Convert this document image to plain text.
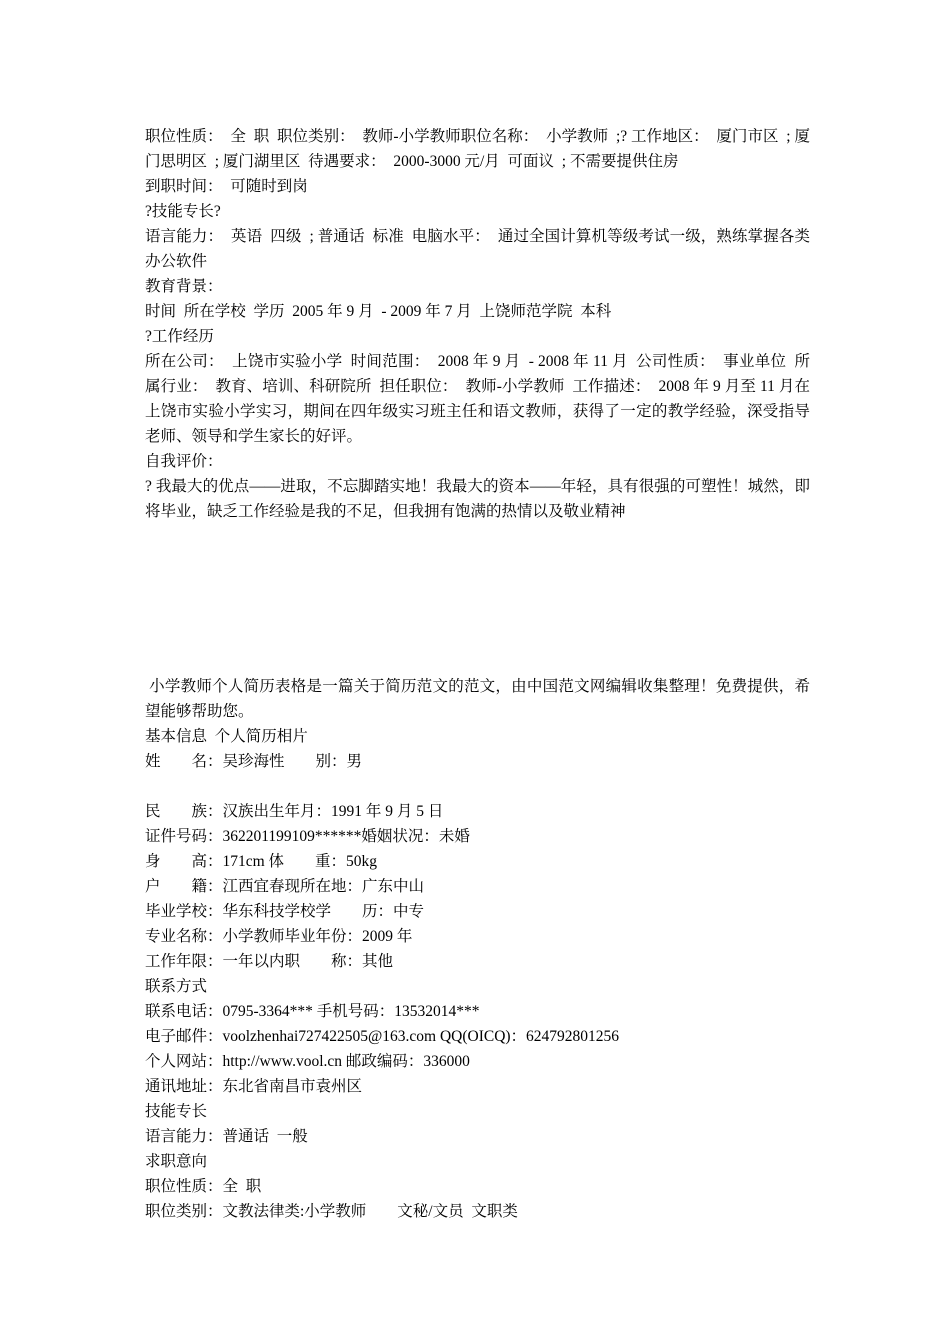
职位性质：  全  职  职位类别：  教师-小学教师职位名称：  小学教师  ;? 工作地区：  厦门市区  ; 厦门思明区  ; 厦门湖里区  待遇要求：  2000-3000 元/月  可面议  ; 不需要提供住房

到职时间：  可随时到岗

?技能专长?

语言能力：  英语  四级  ; 普通话  标准  电脑水平：  通过全国计算机等级考试一级，熟练掌握各类办公软件

教育背景：

时间  所在学校  学历  2005 年 9 月  - 2009 年 7 月  上饶师范学院  本科

?工作经历

所在公司：  上饶市实验小学  时间范围：  2008 年 9 月  - 2008 年 11 月  公司性质：  事业单位  所属行业：  教育、培训、科研院所  担任职位：  教师-小学教师  工作描述：  2008 年 9 月至 11 月在上饶市实验小学实习，期间在四年级实习班主任和语文教师，获得了一定的教学经验，深受指导老师、领导和学生家长的好评。

自我评价：

? 我最大的优点——进取，不忘脚踏实地！我最大的资本——年轻，具有很强的可塑性！城然，即将毕业，缺乏工作经验是我的不足，但我拥有饱满的热情以及敬业精神

小学教师个人简历表格是一篇关于简历范文的范文，由中国范文网编辑收集整理！免费提供，希望能够帮助您。

基本信息  个人简历相片

姓        名：吴珍海性        别：男

民        族：汉族出生年月：1991 年 9 月 5 日

证件号码：362201199109******婚姻状况：未婚

身        高：171cm 体        重：50kg

户        籍：江西宜春现所在地：广东中山

毕业学校：华东科技学校学        历：中专

专业名称：小学教师毕业年份：2009 年

工作年限：一年以内职        称：其他

联系方式

联系电话：0795-3364*** 手机号码：13532014***

电子邮件：voolzhenhai727422505@163.com QQ(OICQ)：624792801256

个人网站：http://www.vool.cn 邮政编码：336000

通讯地址：东北省南昌市袁州区

技能专长

语言能力：普通话  一般

求职意向

职位性质：全  职

职位类别：文教法律类:小学教师        文秘/文员  文职类
